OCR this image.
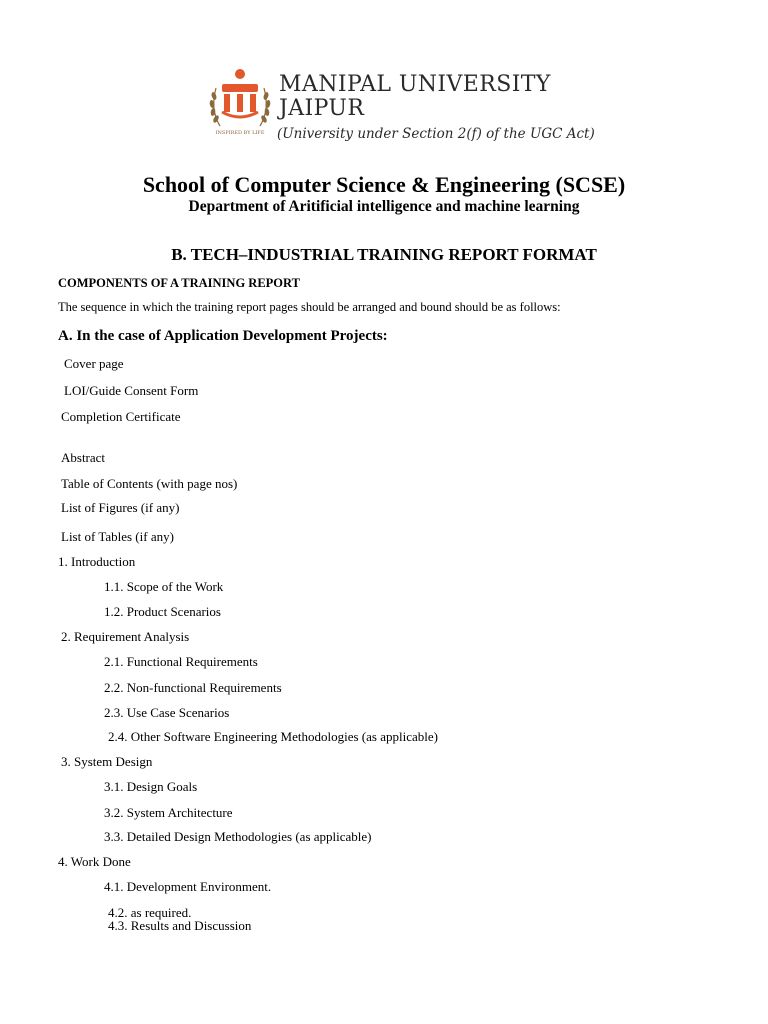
INSPIRED BY LIFE
MANIPAL UNIVERSITY
JAIPUR
(University under Section 2(f) of the UGC Act)
School of Computer Science & Engineering (SCSE)
Department of Aritificial intelligence and machine learning
B. TECH–INDUSTRIAL TRAINING REPORT FORMAT
COMPONENTS OF A TRAINING REPORT
The sequence in which the training report pages should be arranged and bound should be as follows:
A. In the case of Application Development Projects:
Cover page
LOI/Guide Consent Form
Completion Certificate
Abstract
Table of Contents (with page nos)
List of Figures (if any)
List of Tables (if any)
1. Introduction
1.1. Scope of the Work
1.2. Product Scenarios
2. Requirement Analysis
2.1. Functional Requirements
2.2. Non-functional Requirements
2.3. Use Case Scenarios
2.4. Other Software Engineering Methodologies (as applicable)
3. System Design
3.1. Design Goals
3.2. System Architecture
3.3. Detailed Design Methodologies (as applicable)
4. Work Done
4.1. Development Environment.
4.2. as required.
4.3. Results and Discussion
